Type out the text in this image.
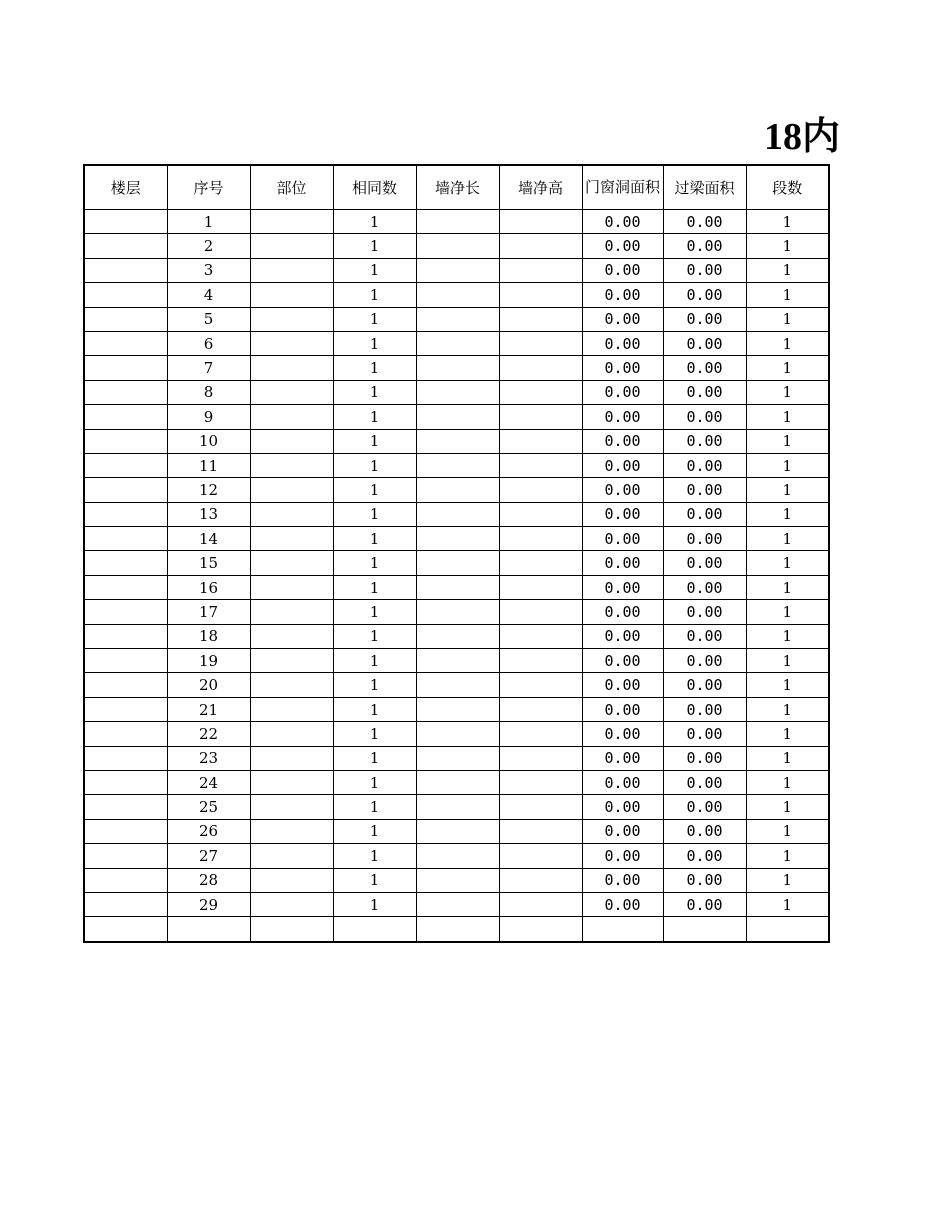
18内
楼层	序号	部位	相同数	墙净长	墙净高	门窗洞面积	过梁面积	段数
	1		1			0.00	0.00	1
	2		1			0.00	0.00	1
	3		1			0.00	0.00	1
	4		1			0.00	0.00	1
	5		1			0.00	0.00	1
	6		1			0.00	0.00	1
	7		1			0.00	0.00	1
	8		1			0.00	0.00	1
	9		1			0.00	0.00	1
	10		1			0.00	0.00	1
	11		1			0.00	0.00	1
	12		1			0.00	0.00	1
	13		1			0.00	0.00	1
	14		1			0.00	0.00	1
	15		1			0.00	0.00	1
	16		1			0.00	0.00	1
	17		1			0.00	0.00	1
	18		1			0.00	0.00	1
	19		1			0.00	0.00	1
	20		1			0.00	0.00	1
	21		1			0.00	0.00	1
	22		1			0.00	0.00	1
	23		1			0.00	0.00	1
	24		1			0.00	0.00	1
	25		1			0.00	0.00	1
	26		1			0.00	0.00	1
	27		1			0.00	0.00	1
	28		1			0.00	0.00	1
	29		1			0.00	0.00	1
